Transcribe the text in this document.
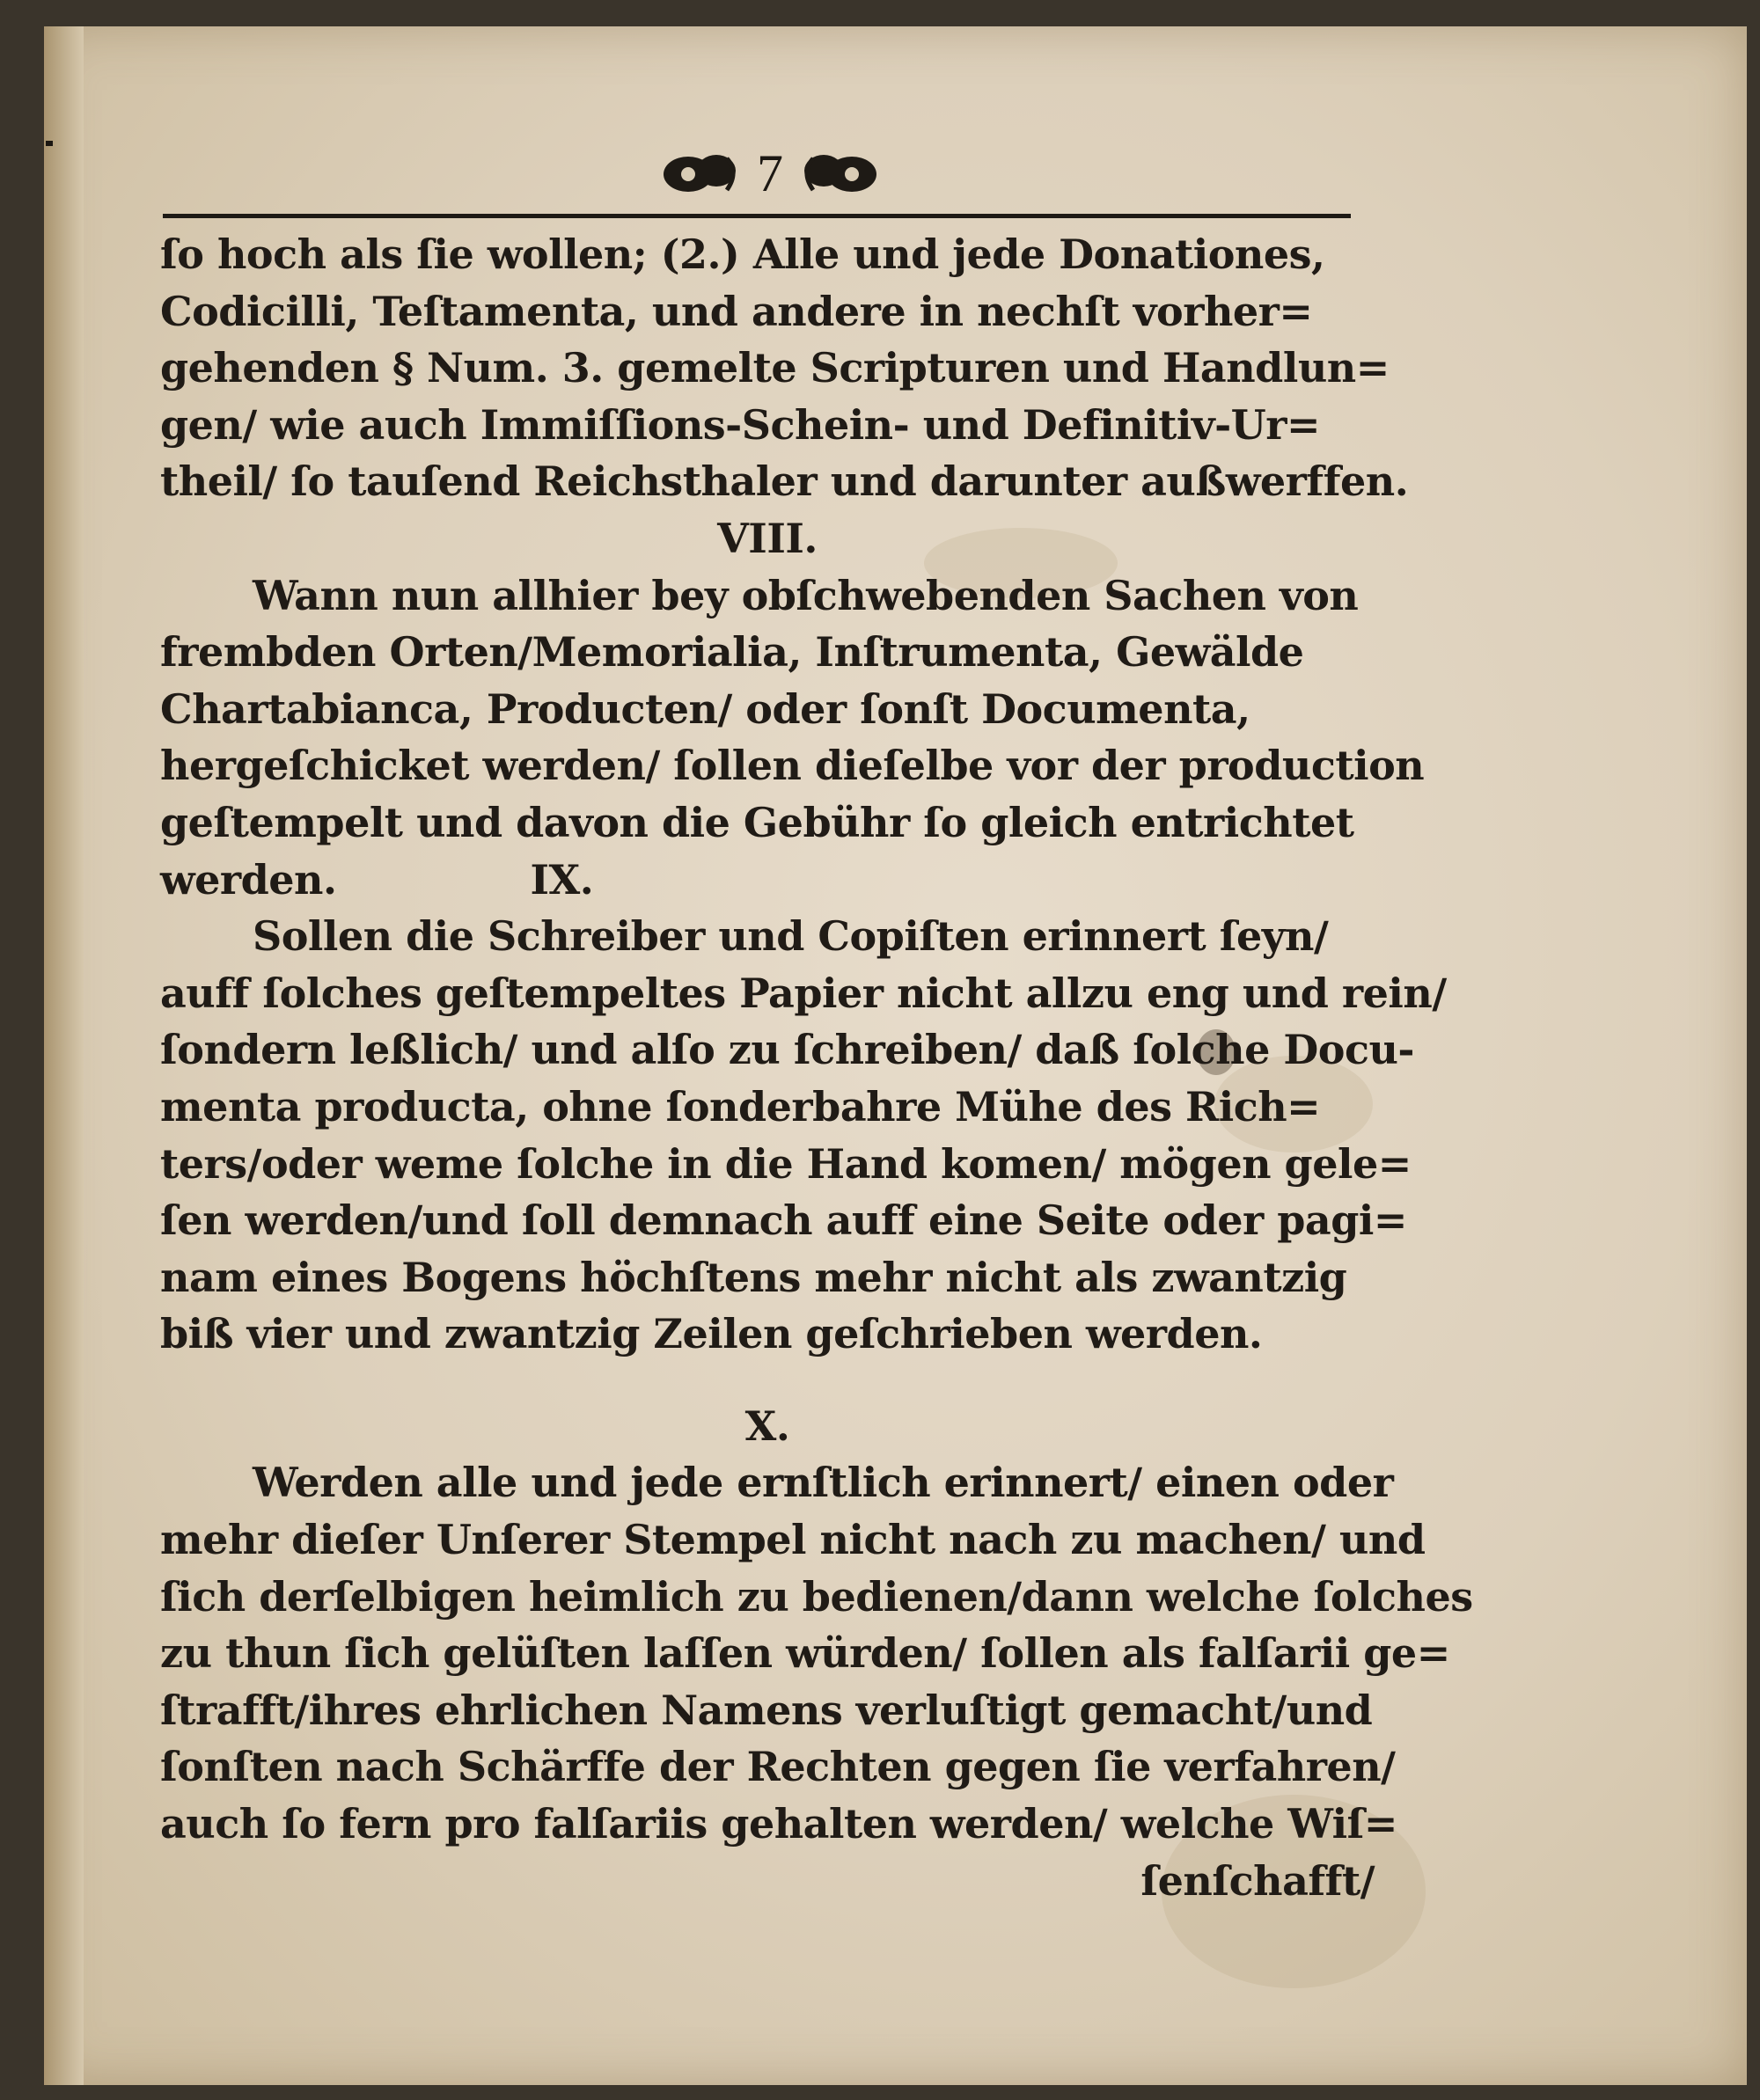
7
ſo hoch als ſie wollen; (2.) Alle und jede Donationes,
Codicilli, Teſtamenta, und andere in nechſt vorher=
gehenden § Num. 3. gemelte Scripturen und Handlun=
gen/ wie auch Immiſſions-Schein- und Definitiv-Ur=
theil/ ſo tauſend Reichsthaler und darunter außwerffen.
VIII.
Wann nun allhier bey obſchwebenden Sachen von
frembden Orten/Memorialia, Inſtrumenta, Gewälde
Chartabianca, Producten/ oder ſonſt Documenta,
hergeſchicket werden/ ſollen dieſelbe vor der production
geſtempelt und davon die Gebühr ſo gleich entrichtet
werden.	IX.
Sollen die Schreiber und Copiſten erinnert ſeyn/
auff ſolches geſtempeltes Papier nicht allzu eng und rein/
ſondern leßlich/ und alſo zu ſchreiben/ daß ſolche Docu-
menta producta, ohne ſonderbahre Mühe des Rich=
ters/oder weme ſolche in die Hand komen/ mögen gele=
ſen werden/und ſoll demnach auff eine Seite oder pagi=
nam eines Bogens höchſtens mehr nicht als zwantzig
biß vier und zwantzig Zeilen geſchrieben werden.
X.
Werden alle und jede ernſtlich erinnert/ einen oder
mehr dieſer Unſerer Stempel nicht nach zu machen/ und
ſich derſelbigen heimlich zu bedienen/dann welche ſolches
zu thun ſich gelüſten laſſen würden/ ſollen als falſarii ge=
ſtrafft/ihres ehrlichen Namens verluſtigt gemacht/und
ſonſten nach Schärffe der Rechten gegen ſie verfahren/
auch ſo fern pro falſariis gehalten werden/ welche Wiſ=
ſenſchafft/
